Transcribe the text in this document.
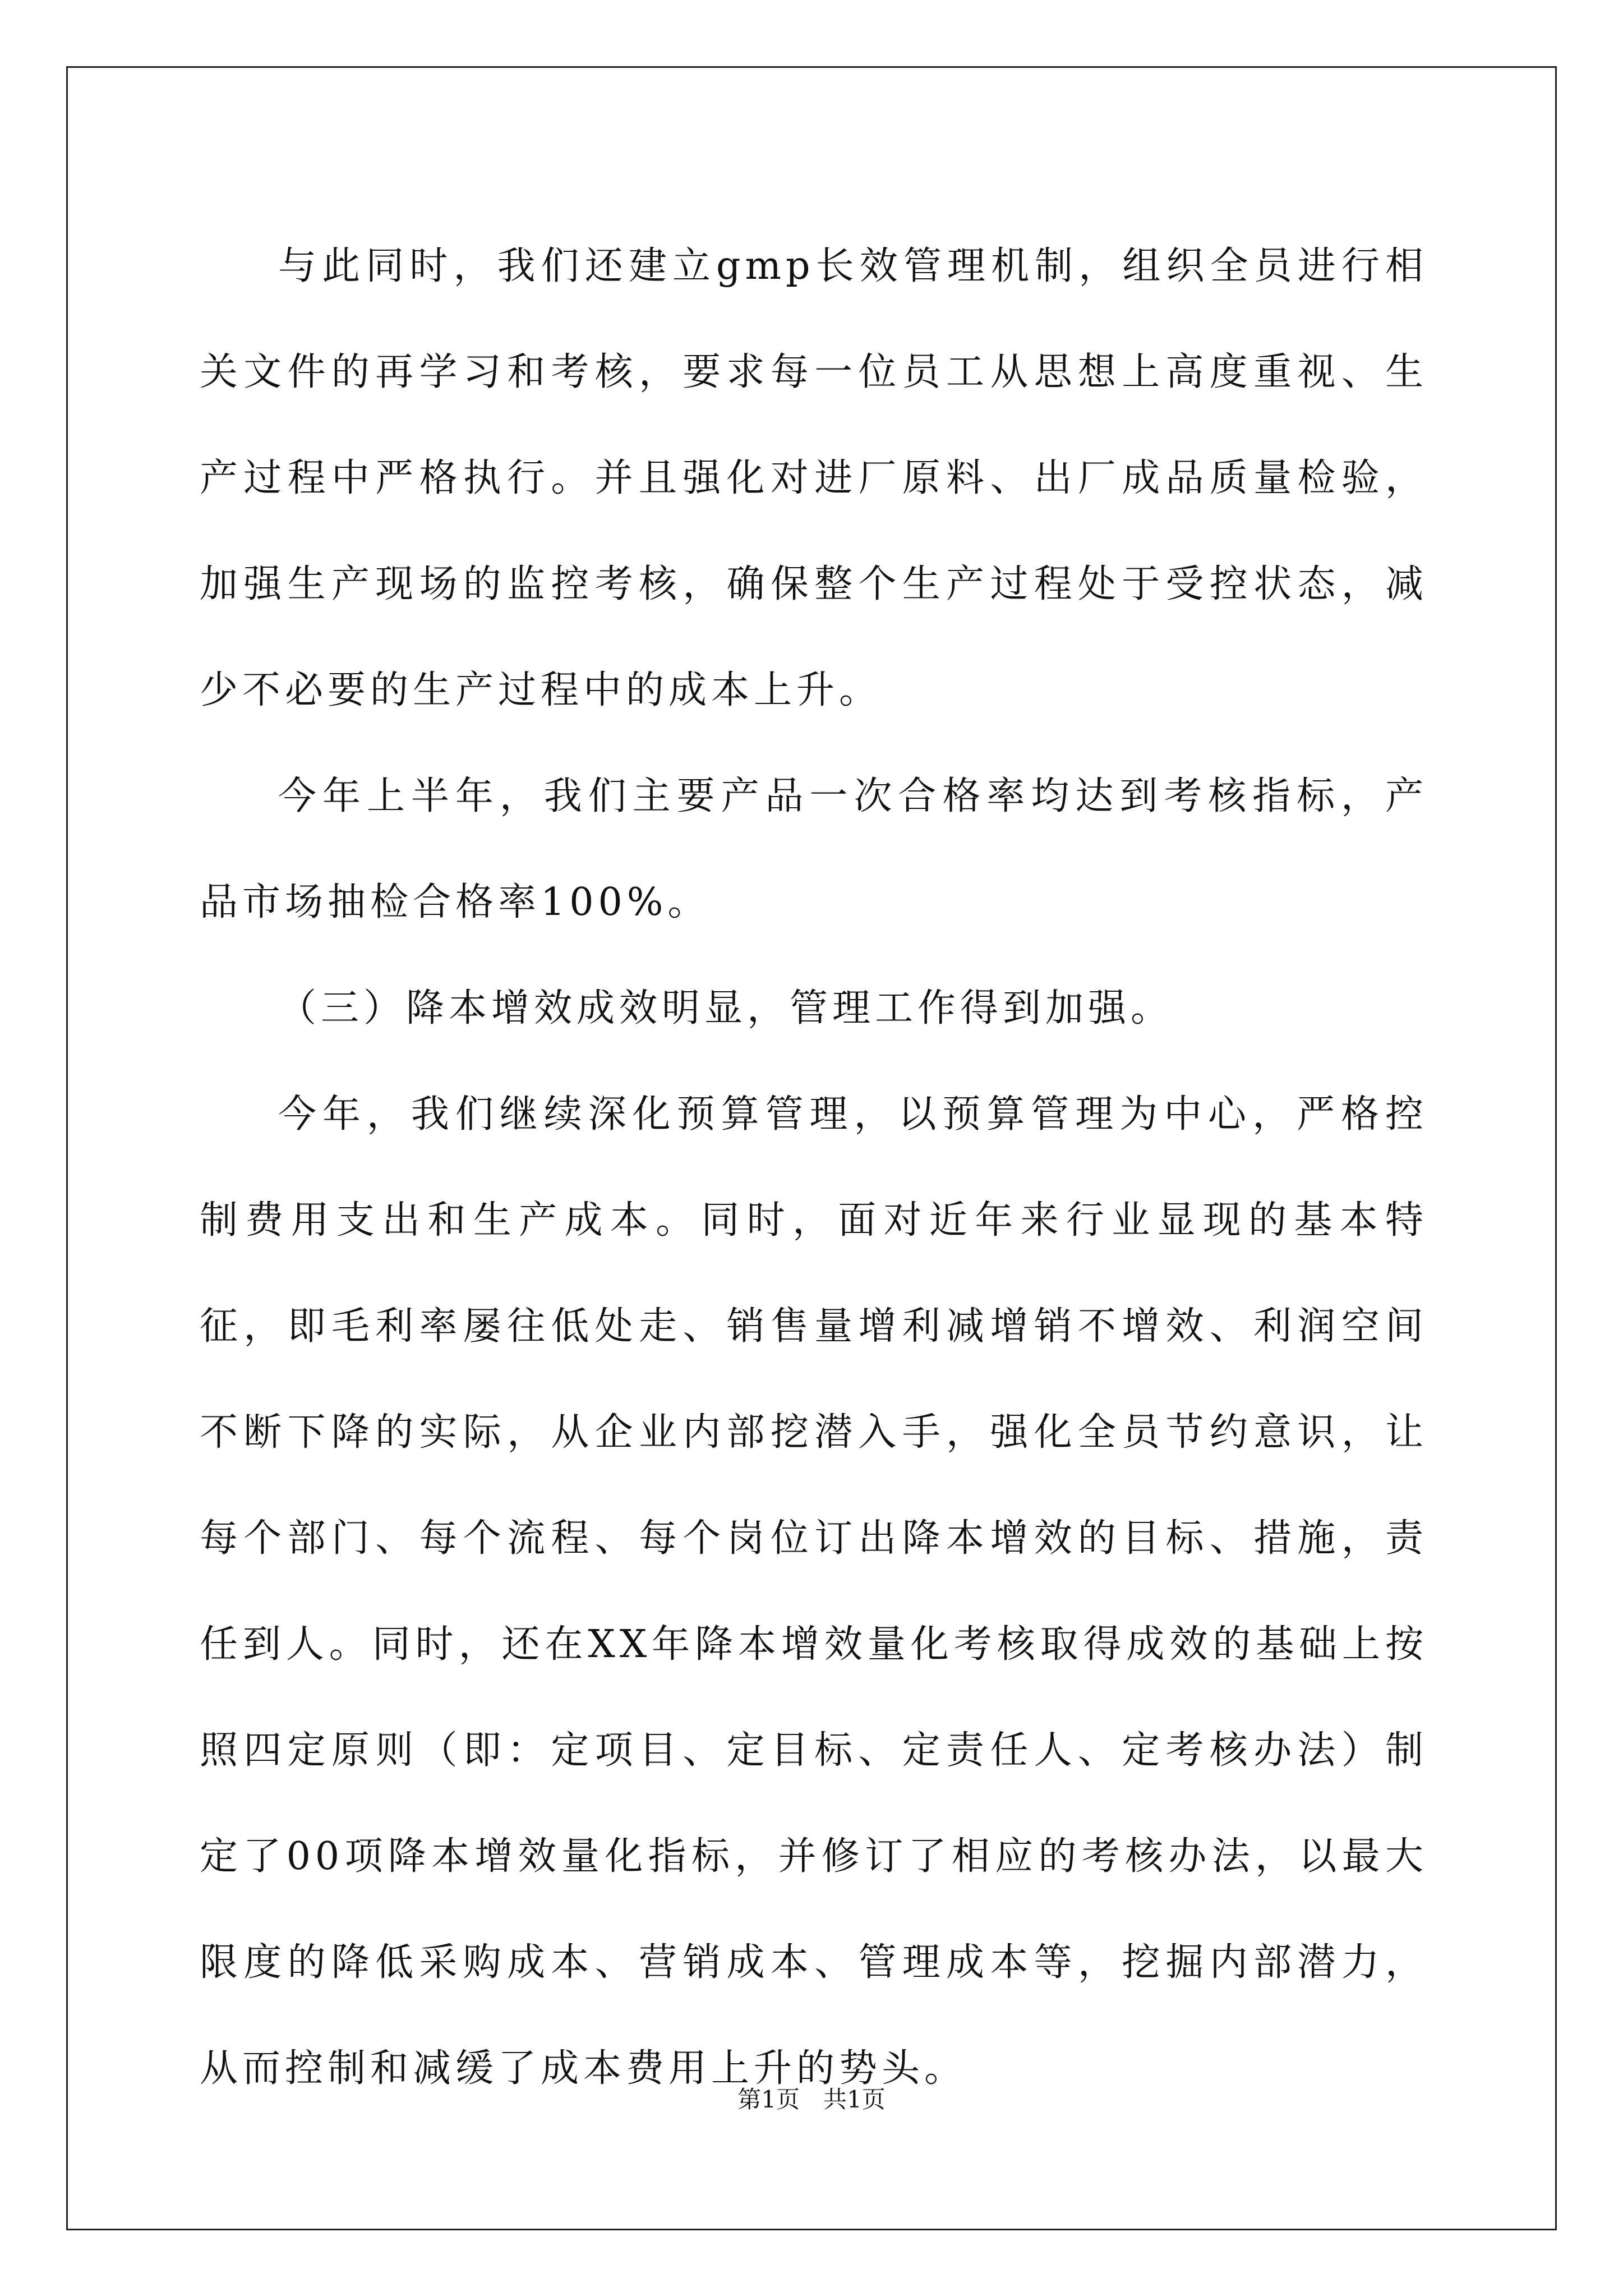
与此同时，我们还建立gmp长效管理机制，组织全员进行相关文件的再学习和考核，要求每一位员工从思想上高度重视、生产过程中严格执行。并且强化对进厂原料、出厂成品质量检验，加强生产现场的监控考核，确保整个生产过程处于受控状态，减少不必要的生产过程中的成本上升。

今年上半年，我们主要产品一次合格率均达到考核指标，产品市场抽检合格率100%。

（三）降本增效成效明显，管理工作得到加强。

今年，我们继续深化预算管理，以预算管理为中心，严格控制费用支出和生产成本。同时，面对近年来行业显现的基本特征，即毛利率屡往低处走、销售量增利减增销不增效、利润空间不断下降的实际，从企业内部挖潜入手，强化全员节约意识，让每个部门、每个流程、每个岗位订出降本增效的目标、措施，责任到人。同时，还在XX年降本增效量化考核取得成效的基础上按照四定原则（即：定项目、定目标、定责任人、定考核办法）制定了00项降本增效量化指标，并修订了相应的考核办法，以最大限度的降低采购成本、营销成本、管理成本等，挖掘内部潜力，从而控制和减缓了成本费用上升的势头。

第1页　共1页
